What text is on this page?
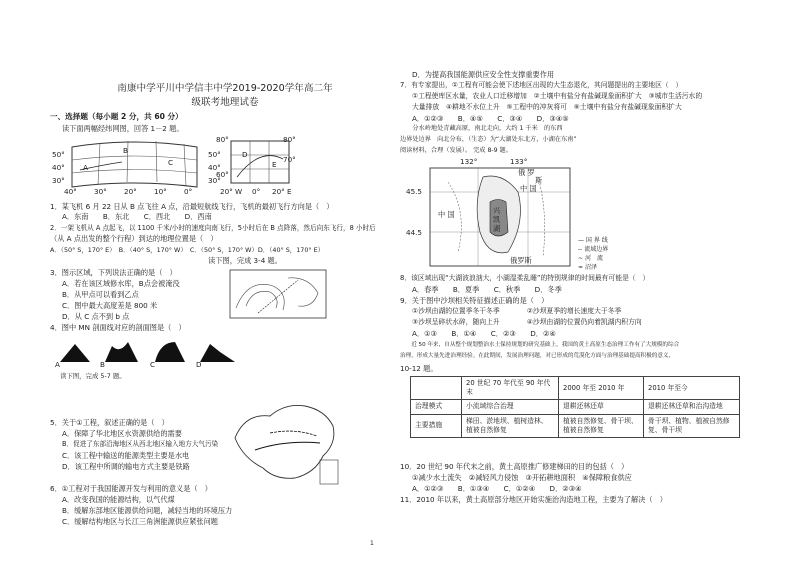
南康中学平川中学信丰中学2019-2020学年高二年
级联考地理试卷
一、选择题（每小题 2 分，共 60 分）
读下面两幅经纬网图，回答 1－2 题。
50°
40°
30°
50°
40°
30°
40° 30° 20° 10° 0°
A
B
C
80°	80°
70°
60°
20° W 0° 20° E
D
E
1．某飞机 6 月 22 日从 B 点飞往 A 点，沿最短航线飞行，飞机的最初飞行方向是（　）
A．东南　　B．东北　　C．西北　　D．西南
2．一架飞机从 A 点起飞，以 1100 千米/小时的速度向南飞行，5小时后在 B 点降落，然后向东飞行，8 小时后
（从 A 点出发的整个行程）到达的地理位置是（　）
A．（50° S，170° E）　B．（40° S，170° W）　C．（50° S，170° W）D．（40° S，170° E）
　　　　　　　　　　　　　　　　　　　　　　读下图，完成 3-4 题。
3．图示区域，下列说法正确的是（　）
A．若在该区域修水库，B点会被淹没
B．从甲点可以看到乙点
C．图中最大高度差是 800 米
D．从 C 点不到 b 点
4．图中 MN 剖面线对应的剖面图是（　）
A	B	C	D
读下图，完成 5-7 题。
5．关于①工程，叙述正确的是（　）
A．保障了华北地区水资源供给的需要
B．促进了东部沿海地区从西北地区输入地方大气污染
C．该工程中输送的能源类型主要是水电
D．该工程中所调的输电方式主要是铁路
6．①工程对于我国能源开发与利用的意义是（　）
A．改变我国的能源结构，以气代煤
B．缓解东部地区能源供给问题，减轻当地的环境压力
C．缓解结构地区与长江三角洲能源供应紧张问题
D．为提高我国能源供应安全性支撑重要作用
7．有专家提出，①工程有可能会使下述地区出现的大生态退化，其问题提出的主要地区（　）
①工程使库区水量，农业人口迁移增加　②土壤中有盐分有盐碱现象面积扩大　③城市生活污水的
大量排放　④耕地不水位上升　⑤工程中的冲灰将可　⑥土壤中有盐分有盐碱现象面积扩大
A．①②③　　B．④⑤　　C．③④　　D．③④⑤
　　分水岭地处青藏高原，南北走向，大约 1 千米　的东西
边界处边界　向北分布，（生态）为“大湖处东北方，小湖在东南”
阅读材料，合理（发展）。 完成 8-9 题。
132°	133°
45.5
44.5
中 国
俄 罗
斯
中 国
俄罗斯
兴
凯
湖
— 国 界 线
-- 流域边界
~ 河　流
≈ 沼泽
8．该区域出现“大湖波浪汹大，小湖湿柔乱睡”的特别规律的时间最有可能是（　）
A．春季　　B．夏季　　C．秋季　　D．冬季
9．关于图中沙坝相关特征描述正确的是（　）
①沙坝由湖的位置季冬干冬季　　　　②沙坝夏季的增长速度大于冬季
③沙坝呈碎状水碎，随向上升　　　　④沙坝由湖的位置仍向着凯湖内积方向
A．①③　　B．①④　　C．②③　　D．②④
　　近 50 年来，自从整个规划整治水土保持规划的研究基础上，我国的黄土高原生态治理工作有了大规模的综合
治理，形成大量先进治理经验。在此期间，发展治理问题，对已形成的荒漠化方面与治理基础提高积极的意义，
10-12 题。
	20 世纪 70 年代至 90 年代末	2000 年至 2010 年	2010 年至今
治理模式	小流域综合治理	退耕还林还草	退耕还林还草和治沟造地
主要措施	梯田、淤地坝、植树造林、植被自然修复	植被自然修复、骨干坝、植被自然修复	骨干坝、植物、植被自然修复、骨干坝
10．20 世纪 90 年代末之前，黄土高原推广修建梯田的目的包括（　）
①减少水土流失　②减轻风力侵蚀　③开拓耕地面积　④保障粮食供应
A．①②③　　B．①③④　　C．①②④　　D．②③④
11．2010 年以来，黄土高原部分地区开始实施治沟造地工程，主要为了解决（　）
1
